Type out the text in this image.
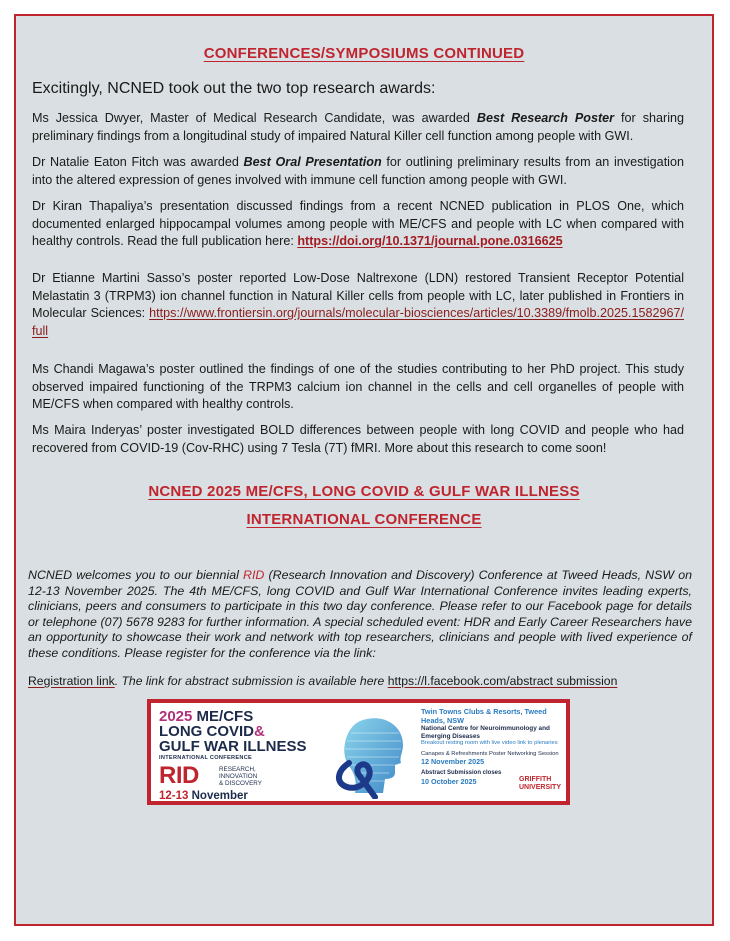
CONFERENCES/SYMPOSIUMS CONTINUED
Excitingly, NCNED took out the two top research awards:
Ms Jessica Dwyer, Master of Medical Research Candidate, was awarded Best Research Poster for sharing preliminary findings from a longitudinal study of impaired Natural Killer cell function among people with GWI.
Dr Natalie Eaton Fitch was awarded Best Oral Presentation for outlining preliminary results from an investigation into the altered expression of genes involved with immune cell function among people with GWI.
Dr Kiran Thapaliya’s presentation discussed findings from a recent NCNED publication in PLOS One, which documented enlarged hippocampal volumes among people with ME/CFS and people with LC when compared with healthy controls. Read the full publication here: https://doi.org/10.1371/journal.pone.0316625
Dr Etianne Martini Sasso’s poster reported Low-Dose Naltrexone (LDN) restored Transient Receptor Potential Melastatin 3 (TRPM3) ion channel function in Natural Killer cells from people with LC, later published in Frontiers in Molecular Sciences: https://www.frontiersin.org/journals/molecular-biosciences/articles/10.3389/fmolb.2025.1582967/full
Ms Chandi Magawa’s poster outlined the findings of one of the studies contributing to her PhD project. This study observed impaired functioning of the TRPM3 calcium ion channel in the cells and cell organelles of people with ME/CFS when compared with healthy controls.
Ms Maira Inderyas’ poster investigated BOLD differences between people with long COVID and people who had recovered from COVID-19 (Cov-RHC) using 7 Tesla (7T) fMRI. More about this research to come soon!
NCNED 2025 ME/CFS, LONG COVID & GULF WAR ILLNESS
INTERNATIONAL CONFERENCE
NCNED welcomes you to our biennial RID (Research Innovation and Discovery) Conference at Tweed Heads, NSW on 12-13 November 2025. The 4th ME/CFS, long COVID and Gulf War International Conference invites leading experts, clinicians, peers and consumers to participate in this two day conference. Please refer to our Facebook page for details or telephone (07) 5678 9283 for further information. A special scheduled event: HDR and Early Career Researchers have an opportunity to showcase their work and network with top researchers, clinicians and people with lived experience of these conditions. Please register for the conference via the link:
Registration link. The link for abstract submission is available here https://l.facebook.com/abstract submission
2025 ME/CFS
LONG COVID&
GULF WAR ILLNESS
INTERNATIONAL CONFERENCE
RID	RESEARCH,
INNOVATION
& DISCOVERY
12-13 November
Twin Towns Clubs & Resorts, Tweed Heads, NSW
National Centre for Neuroimmunology and Emerging Diseases
Breakout resting room with live video link to plenaries
Canapes & Refreshments Poster Networking Session
12 November 2025
Abstract Submission closes
10 October 2025	GRIFFITH
UNIVERSITY
